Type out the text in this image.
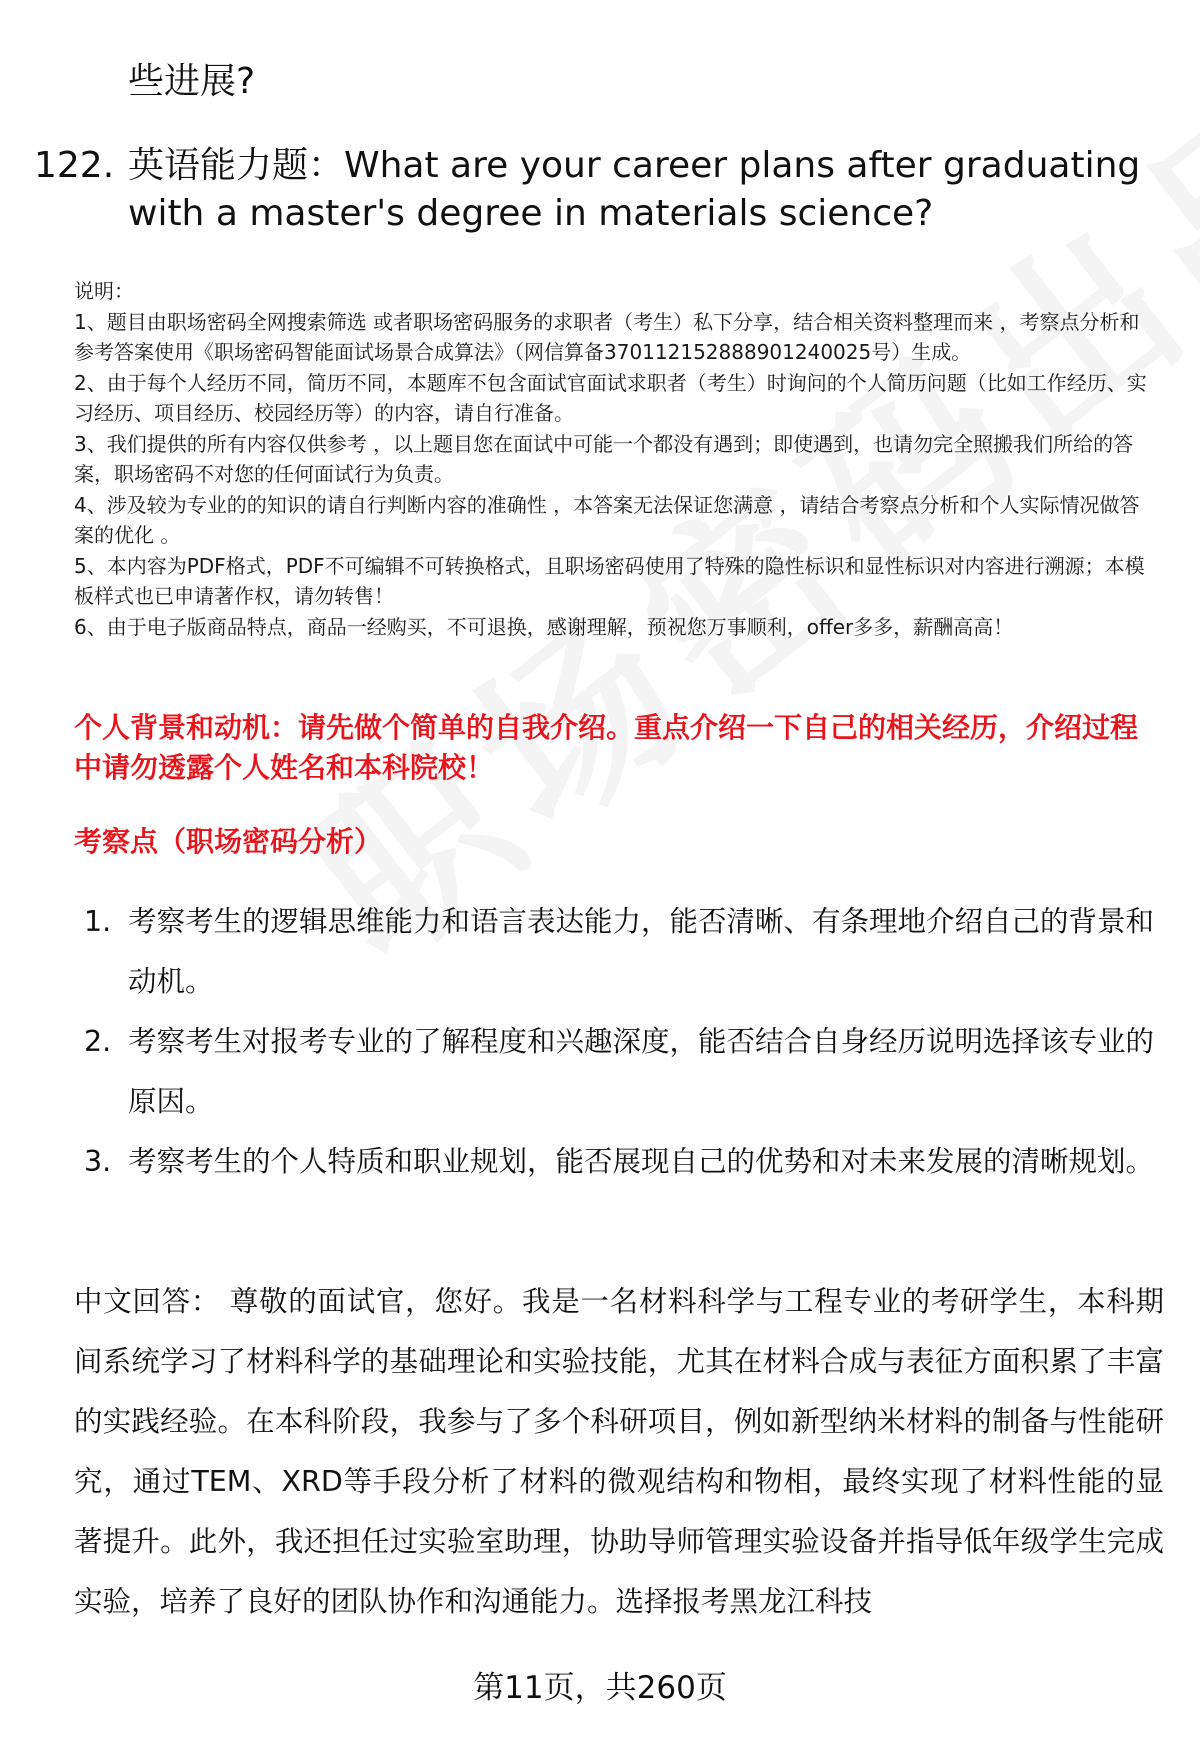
些进展?
122. 英语能力题：What are your career plans after graduating with a master's degree in materials science?

说明：

1、题目由职场密码全网搜索筛选 或者职场密码服务的求职者（考生）私下分享，结合相关资料整理而来 ，考察点分析和参考答案使用《职场密码智能面试场景合成算法》（网信算备370112152888901240025号）生成。

2、由于每个人经历不同，简历不同，本题库不包含面试官面试求职者（考生）时询问的个人简历问题（比如工作经历、实习经历、项目经历、校园经历等）的内容，请自行准备。

3、我们提供的所有内容仅供参考 ，以上题目您在面试中可能一个都没有遇到；即使遇到，也请勿完全照搬我们所给的答案，职场密码不对您的任何面试行为负责。

4、涉及较为专业的的知识的请自行判断内容的准确性 ，本答案无法保证您满意 ，请结合考察点分析和个人实际情况做答案的优化 。

5、本内容为PDF格式，PDF不可编辑不可转换格式，且职场密码使用了特殊的隐性标识和显性标识对内容进行溯源；本模板样式也已申请著作权，请勿转售！

6、由于电子版商品特点，商品一经购买，不可退换，感谢理解，预祝您万事顺利，offer多多，薪酬高高！

个人背景和动机：请先做个简单的自我介绍。重点介绍一下自己的相关经历，介绍过程中请勿透露个人姓名和本科院校！
考察点（职场密码分析）
1. 考察考生的逻辑思维能力和语言表达能力，能否清晰、有条理地介绍自己的背景和动机。
2. 考察考生对报考专业的了解程度和兴趣深度，能否结合自身经历说明选择该专业的原因。
3. 考察考生的个人特质和职业规划，能否展现自己的优势和对未来发展的清晰规划。
中文回答： 尊敬的面试官，您好。我是一名材料科学与工程专业的考研学生，本科期间系统学习了材料科学的基础理论和实验技能，尤其在材料合成与表征方面积累了丰富的实践经验。在本科阶段，我参与了多个科研项目，例如新型纳米材料的制备与性能研究，通过TEM、XRD等手段分析了材料的微观结构和物相，最终实现了材料性能的显著提升。此外，我还担任过实验室助理，协助导师管理实验设备并指导低年级学生完成实验，培养了良好的团队协作和沟通能力。选择报考黑龙江科技
第11页，共260页
